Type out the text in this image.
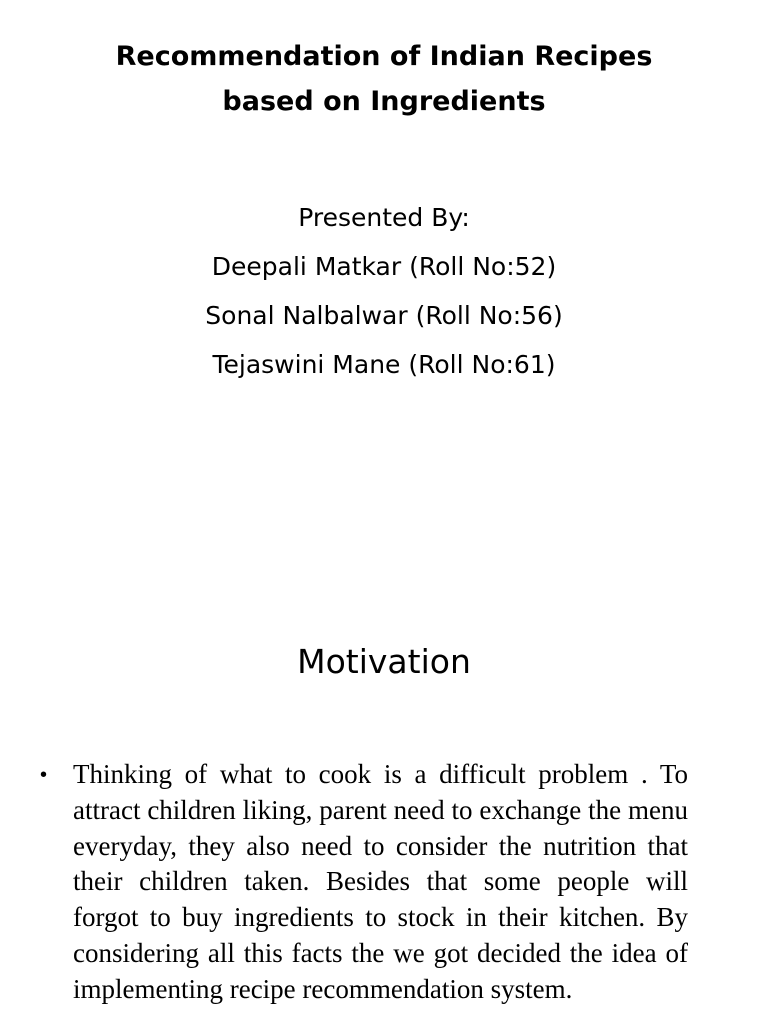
Recommendation of Indian Recipes
based on Ingredients
Presented By:
Deepali Matkar (Roll No:52)
Sonal Nalbalwar (Roll No:56)
Tejaswini Mane (Roll No:61)
Motivation
• Thinking of what to cook is a difficult problem . To attract children liking, parent need to exchange the menu everyday, they also need to consider the nutrition that their children taken. Besides that some people will forgot to buy ingredients to stock in their kitchen. By considering all this facts the we got decided the idea of implementing recipe recommendation system.
